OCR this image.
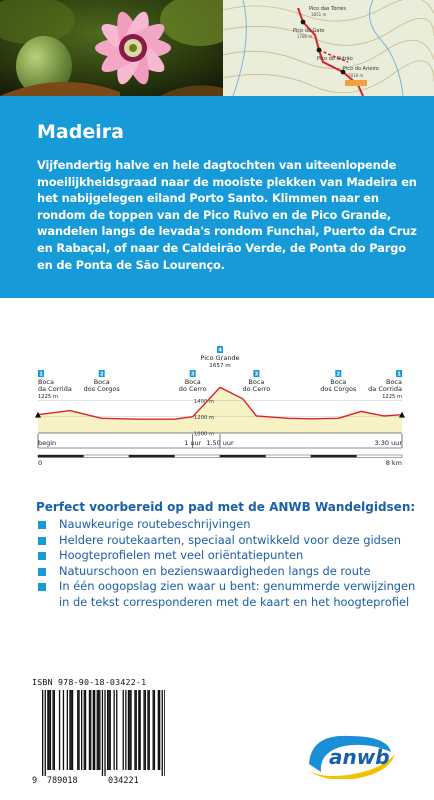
Pico das Torres
Pico da Gato
1780 m
Pico do Cidrão
Pico do Arieiro
1818 m
1851 m
Madeira

Vijfendertig halve en hele dagtochten van uiteenlopende moeilijkheidsgraad naar de mooiste plekken van Madeira en het nabijgelegen eiland Porto Santo. Klimmen naar en rondom de toppen van de Pico Ruivo en de Pico Grande, wandelen langs de levada's rondom Funchal, Puerto da Cruz en Rabaçal, of naar de Caldeirão Verde, de Ponta do Pargo en de Ponta de São Lourenço.

1400 m
1200 m
1000 m
1
Boca
da Corrida
1225 m
2
Boca
dos Corgos
3
Boca
do Cerro
4
Pico Grande
1657 m
3
Boca
do Cerro
2
Boca
dos Corgos
1
Boca
da Corrida
1225 m
begin	1 uur 1.50 uur	3.30 uur
0	8 km

Perfect voorbereid op pad met de ANWB Wandelgidsen:

Nauwkeurige routebeschrijvingen
Heldere routekaarten, speciaal ontwikkeld voor deze gidsen
Hoogteprofielen met veel oriëntatiepunten
Natuurschoon en bezienswaardigheden langs de route
In één oogopslag zien waar u bent: genummerde verwijzingen in de tekst corresponderen met de kaart en het hoogteprofiel
ISBN 978-90-18-03422-1
9 789018	034221
anwb
